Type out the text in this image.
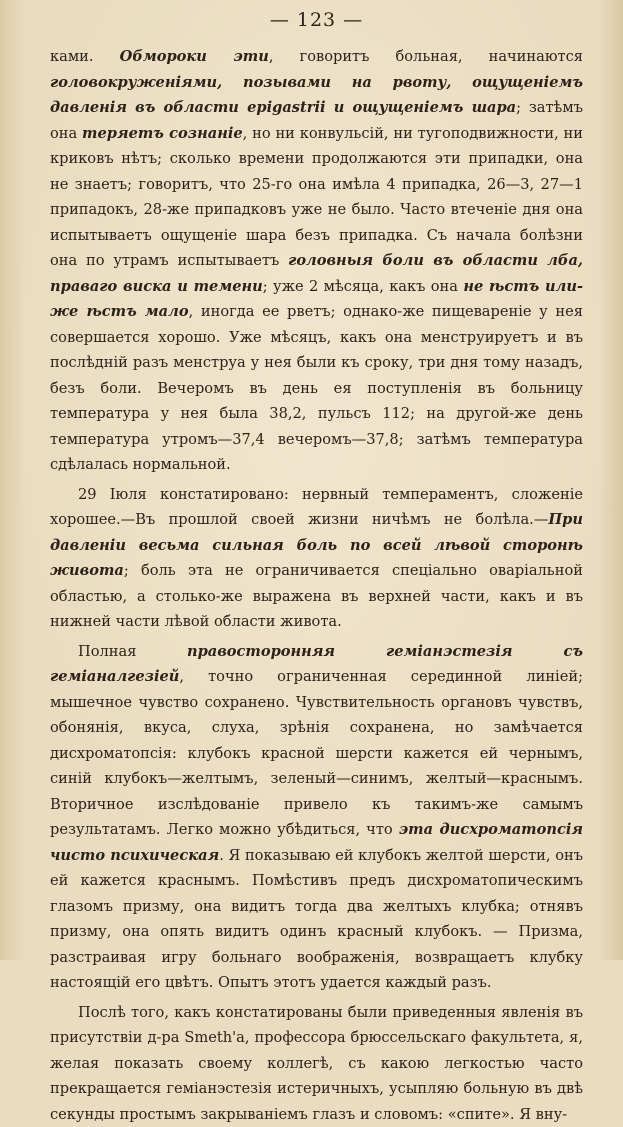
— 123 —

ками. Обмороки эти, говоритъ больная, начинаются головокруженіями, позывами на рвоту, ощущеніемъ давленія въ области epigastrii и ощущеніемъ шара; затѣмъ она теряетъ сознаніе, но ни конвульсій, ни тугоподвижности, ни криковъ нѣтъ; сколько времени продолжаются эти припадки, она не знаетъ; говоритъ, что 25-го она имѣла 4 припадка, 26—3, 27—1 припадокъ, 28-же припадковъ уже не было. Часто втеченіе дня она испытываетъ ощущеніе шара безъ припадка. Съ начала болѣзни она по утрамъ испытываетъ головныя боли въ области лба, праваго виска и темени; уже 2 мѣсяца, какъ она не ѣстъ или-же ѣстъ мало, иногда ее рветъ; однако-же пищевареніе у нея совершается хорошо. Уже мѣсяцъ, какъ она менструируетъ и въ послѣдній разъ менструа у нея были къ сроку, три дня тому назадъ, безъ боли. Вечеромъ въ день ея поступленія въ больницу температура у нея была 38,2, пульсъ 112; на другой-же день температура утромъ—37,4 вечеромъ—37,8; затѣмъ температура сдѣлалась нормальной.

29 Іюля констатировано: нервный темпераментъ, сложеніе хорошее.—Въ прошлой своей жизни ничѣмъ не болѣла.—При давленіи весьма сильная боль по всей лѣвой сторонѣ живота; боль эта не ограничивается спеціально оваріальной областью, а столько-же выражена въ верхней части, какъ и въ нижней части лѣвой области живота.

Полная правосторонняя геміанэстезія съ геміаналгезіей, точно ограниченная серединной линіей; мышечное чувство сохранено. Чувствительность органовъ чувствъ, обонянія, вкуса, слуха, зрѣнія сохранена, но замѣчается дисхроматопсія: клубокъ красной шерсти кажется ей чернымъ, синій клубокъ—желтымъ, зеленый—синимъ, желтый—краснымъ. Вторичное изслѣдованіе привело къ такимъ-же самымъ результатамъ. Легко можно убѣдиться, что эта дисхроматопсія чисто психическая. Я показываю ей клубокъ желтой шерсти, онъ ей кажется краснымъ. Помѣстивъ предъ дисхроматопическимъ глазомъ призму, она видитъ тогда два желтыхъ клубка; отнявъ призму, она опять видитъ одинъ красный клубокъ. — Призма, разстраивая игру больнаго воображенія, возвращаетъ клубку настоящій его цвѣтъ. Опытъ этотъ удается каждый разъ.

Послѣ того, какъ констатированы были приведенныя явленія въ присутствіи д-ра Smeth'а, профессора брюссельскаго факультета, я, желая показать своему коллегѣ, съ какою легкостью часто прекращается геміанэстезія истеричныхъ, усыпляю больную въ двѣ секунды простымъ закрываніемъ глазъ и словомъ: «спите». Я вну-
